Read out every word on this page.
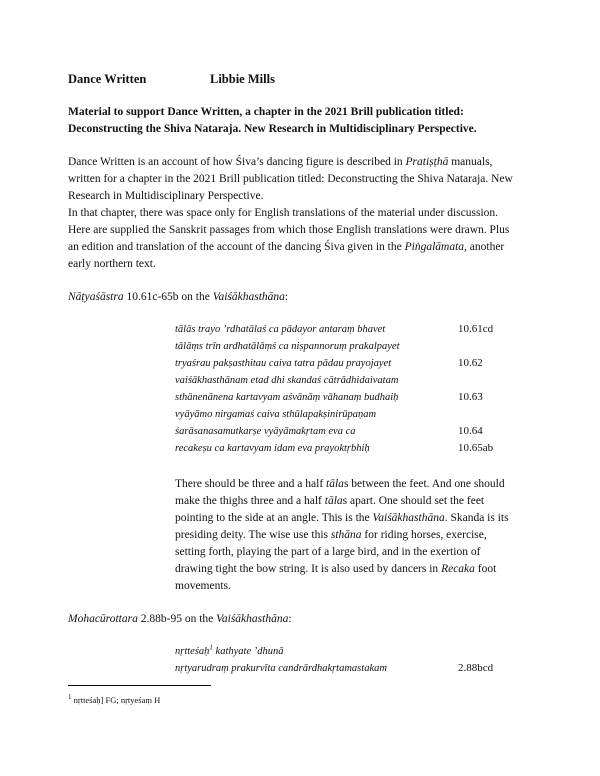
Dance Written	Libbie Mills
Material to support Dance Written, a chapter in the 2021 Brill publication titled:
Deconstructing the Shiva Nataraja. New Research in Multidisciplinary Perspective.
Dance Written is an account of how Śiva’s dancing figure is described in Pratiṣṭhā manuals,
written for a chapter in the 2021 Brill publication titled: Deconstructing the Shiva Nataraja. New
Research in Multidisciplinary Perspective.
In that chapter, there was space only for English translations of the material under discussion.
Here are supplied the Sanskrit passages from which those English translations were drawn. Plus
an edition and translation of the account of the dancing Śiva given in the Piṅgalāmata, another
early northern text.
Nāṭyaśāstra 10.61c-65b on the Vaiśākhasthāna:
tālās trayo ’rdhatālaś ca pādayor antaraṃ bhavet	10.61cd
tālāṃs trīn ardhatālāṃś ca niṣpannoruṃ prakalpayet
tryaśrau pakṣasthitau caiva tatra pādau prayojayet	10.62
vaiśākhasthānam etad dhi skandaś cātrādhidaivatam
sthānenānena kartavyam aśvānāṃ vāhanaṃ budhaiḥ	10.63
vyāyāmo nirgamaś caiva sthūlapakṣinirūpaṇam
śarāsanasamutkarṣe vyāyāmakṛtam eva ca	10.64
recakeṣu ca kartavyam idam eva prayoktṛbhiḥ	10.65ab
There should be three and a half tālas between the feet. And one should
make the thighs three and a half tālas apart. One should set the feet
pointing to the side at an angle. This is the Vaiśākhasthāna. Skanda is its
presiding deity. The wise use this sthāna for riding horses, exercise,
setting forth, playing the part of a large bird, and in the exertion of
drawing tight the bow string. It is also used by dancers in Recaka foot
movements.
Mohacūrottara 2.88b-95 on the Vaiśākhasthāna:
nṛtteśaḥ$^1$ kathyate ’dhunā
nṛtyarudraṃ prakurvīta candrārdhakṛtamastakam	2.88bcd
$^1$ nṛtteśaḥ] FG; nṛtyeśaṃ H
